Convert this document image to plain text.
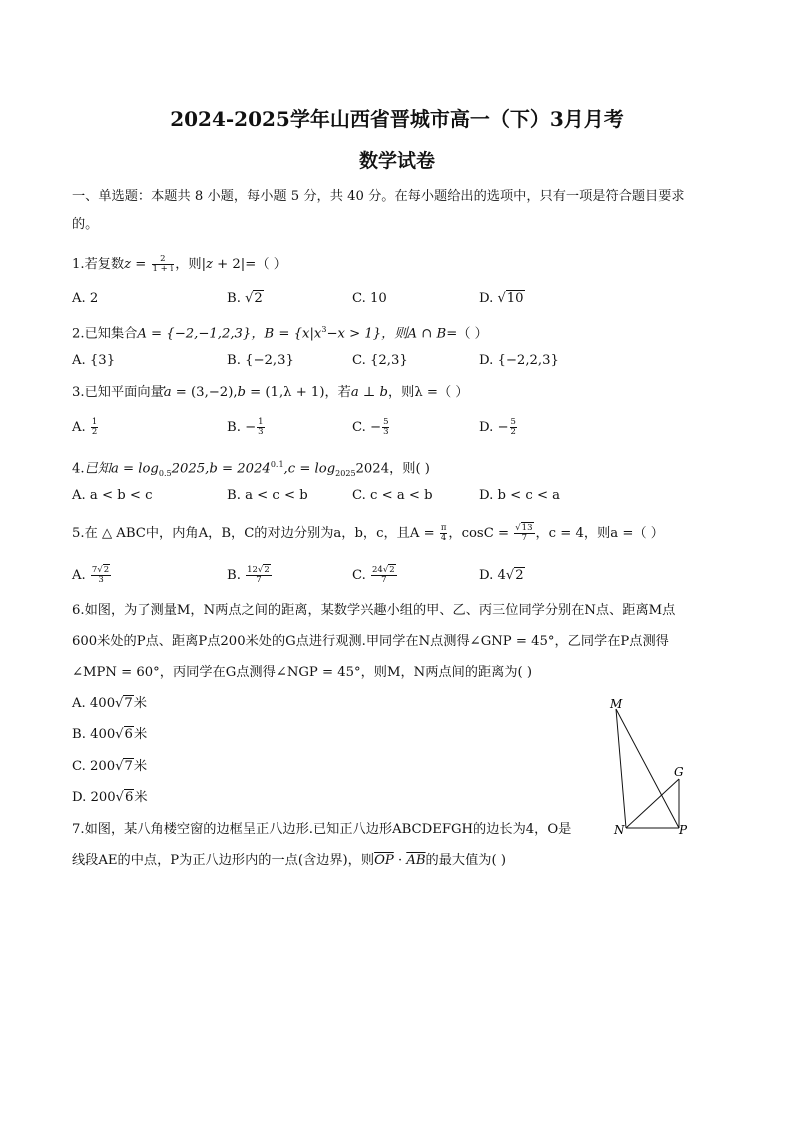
2024-2025学年山西省晋城市高一（下）3月月考
数学试卷
一、单选题：本题共 8 小题，每小题 5 分，共 40 分。在每小题给出的选项中，只有一项是符合题目要求
的。
1.若复数$z = \frac{2}{1 + i}$ ，则|z + 2|=（ ）
A. 2	B. √2	C. 10	D. √10
2.已知集合A = {−2,−1,2,3}，$B = \{x|x^3-x > 1\}$，则A ∩ B=（ ）
A. {3}	B. {−2,3}	C. {2,3}	D. {−2,2,3}
3.已知平面向量a = (3,−2),b = (1,λ + 1)，若a ⊥ b，则λ =（ ）
A. $\frac{1}{2}$	B. − $\frac{1}{3}$	C. − $\frac{5}{3}$	D. − $\frac{5}{2}$
4.已知$a = \log_{0.5}2025,b = 2024^{0.1},c = \log_{2025}2024$，则( )
A. a < b < c	B. a < c < b	C. c < a < b	D. b < c < a
5.在 △ ABC中，内角A，B，C的对边分别为a，b，c，且$A = \frac{\pi}{4}$ ，$\cos C = \frac{√13}{7}$ ，c = 4，则a =（ ）
A. $\frac{7√2}{3}$	B. $\frac{12√2}{7}$	C. $\frac{24√2}{7}$	D. 4√2
6.如图，为了测量M，N两点之间的距离，某数学兴趣小组的甲、乙、丙三位同学分别在N点、距离M点
600米处的P点、距离P点200米处的G点进行观测.甲同学在N点测得∠GNP = 45°，乙同学在P点测得
∠MPN = 60°，丙同学在G点测得∠NGP = 45°，则M，N两点间的距离为( )
A. 400√7米
B. 400√6米
C. 200√7米
D. 200√6米
M
G
N	P
7.如图，某八角楼空窗的边框呈正八边形.已知正八边形ABCDEFGH的边长为4，O是
线段AE的中点，P为正八边形内的一点(含边界)，则$\overline{OP} \cdot \overline{AB}$的最大值为( )
